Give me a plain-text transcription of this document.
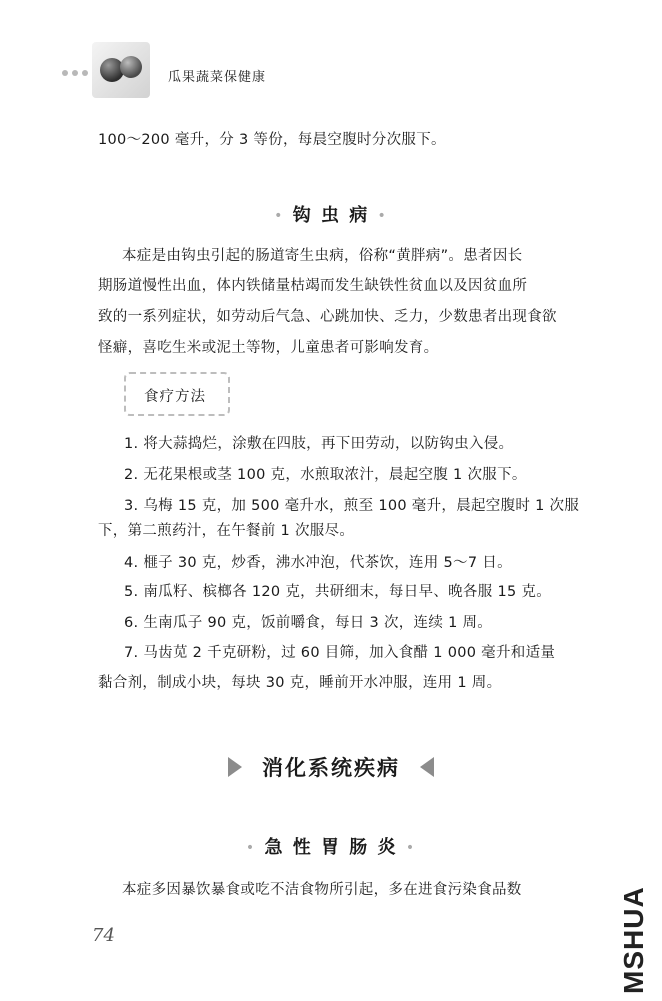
瓜果蔬菜保健康
100～200 毫升，分 3 等份，每晨空腹时分次服下。
• 钩 虫 病 •
本症是由钩虫引起的肠道寄生虫病，俗称“黄胖病”。患者因长
期肠道慢性出血，体内铁储量枯竭而发生缺铁性贫血以及因贫血所
致的一系列症状，如劳动后气急、心跳加快、乏力，少数患者出现食欲
怪癖，喜吃生米或泥土等物，儿童患者可影响发育。
食疗方法
1. 将大蒜捣烂，涂敷在四肢，再下田劳动，以防钩虫入侵。
2. 无花果根或茎 100 克，水煎取浓汁，晨起空腹 1 次服下。
3. 乌梅 15 克，加 500 毫升水，煎至 100 毫升，晨起空腹时 1 次服
下，第二煎药汁，在午餐前 1 次服尽。
4. 榧子 30 克，炒香，沸水冲泡，代茶饮，连用 5～7 日。
5. 南瓜籽、槟榔各 120 克，共研细末，每日早、晚各服 15 克。
6. 生南瓜子 90 克，饭前嚼食，每日 3 次，连续 1 周。
7. 马齿苋 2 千克研粉，过 60 目筛，加入食醋 1 000 毫升和适量
黏合剂，制成小块，每块 30 克，睡前开水冲服，连用 1 周。
消化系统疾病
• 急 性 胃 肠 炎 •
本症多因暴饮暴食或吃不洁食物所引起，多在进食污染食品数
74	MSHUA
